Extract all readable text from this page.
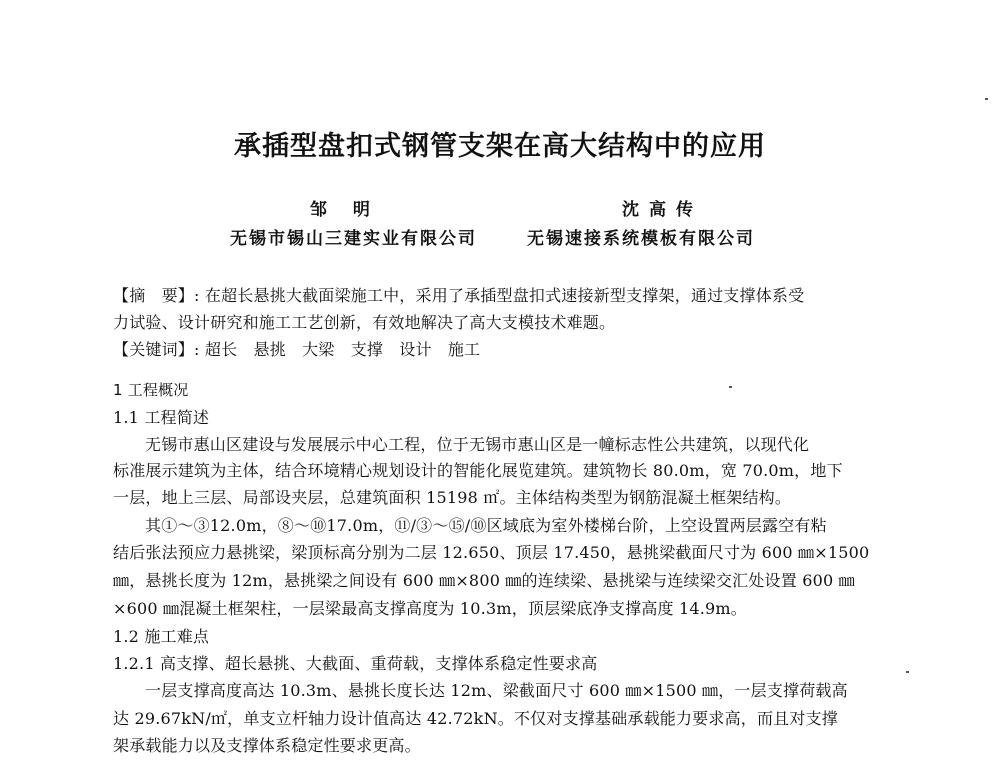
承插型盘扣式钢管支架在高大结构中的应用
邹 明	沈高传
无锡市锡山三建实业有限公司	无锡速接系统模板有限公司
【摘　要】: 在超长悬挑大截面梁施工中，采用了承插型盘扣式速接新型支撑架，通过支撑体系受
力试验、设计研究和施工工艺创新，有效地解决了高大支模技术难题。
【关键词】: 超长　悬挑　大梁　支撑　设计　施工
1 工程概况
1.1 工程简述
无锡市惠山区建设与发展展示中心工程，位于无锡市惠山区是一幢标志性公共建筑，以现代化
标准展示建筑为主体，结合环境精心规划设计的智能化展览建筑。建筑物长 80.0m，宽 70.0m，地下
一层，地上三层、局部设夹层，总建筑面积 15198 ㎡。主体结构类型为钢筋混凝土框架结构。
其①～③12.0m，⑧～⑩17.0m，⑪/③～⑮/⑩区域底为室外楼梯台阶，上空设置两层露空有粘
结后张法预应力悬挑梁，梁顶标高分别为二层 12.650、顶层 17.450，悬挑梁截面尺寸为 600 ㎜×1500
㎜，悬挑长度为 12m，悬挑梁之间设有 600 ㎜×800 ㎜的连续梁、悬挑梁与连续梁交汇处设置 600 ㎜
×600 ㎜混凝土框架柱，一层梁最高支撑高度为 10.3m，顶层梁底净支撑高度 14.9m。
1.2 施工难点
1.2.1 高支撑、超长悬挑、大截面、重荷载，支撑体系稳定性要求高
一层支撑高度高达 10.3m、悬挑长度长达 12m、梁截面尺寸 600 ㎜×1500 ㎜，一层支撑荷载高
达 29.67kN/㎡，单支立杆轴力设计值高达 42.72kN。不仅对支撑基础承载能力要求高，而且对支撑
架承载能力以及支撑体系稳定性要求更高。
